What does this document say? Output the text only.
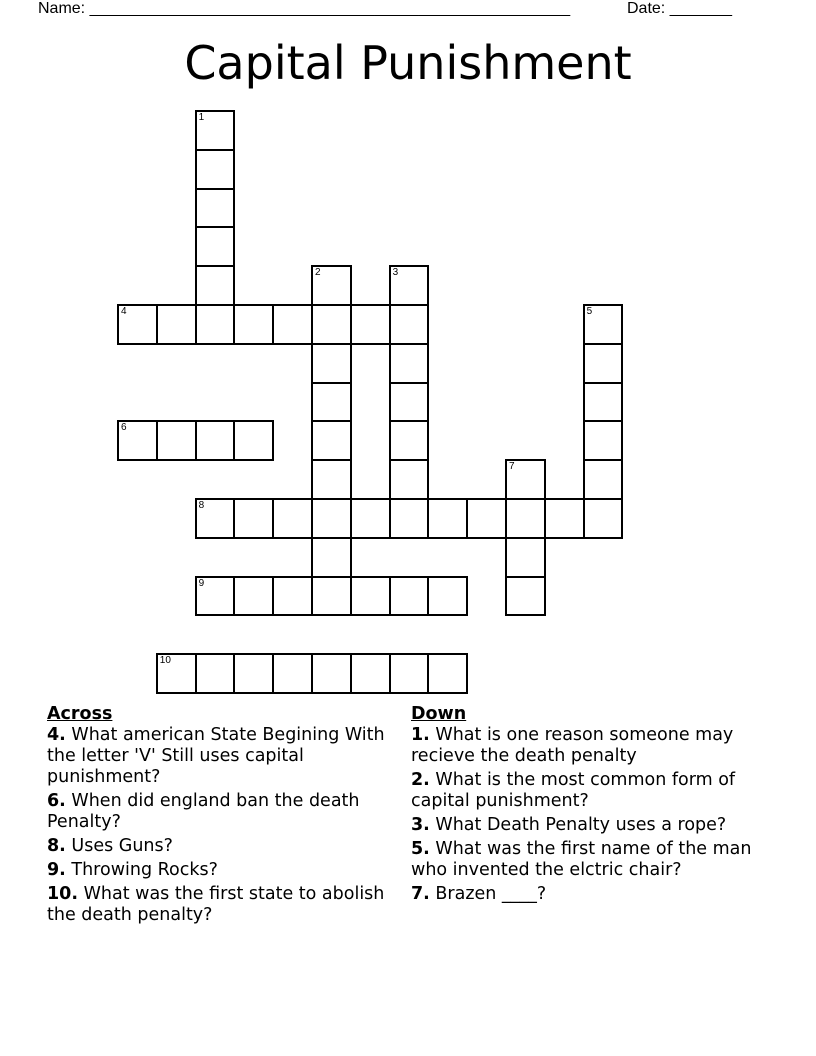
Name: ______________________________________________________	Date: _______
Capital Punishment
1
2	3
4	5
6
7
8
9
10
Across
4. What american State Begining With the letter 'V' Still uses capital punishment?
6. When did england ban the death Penalty?
8. Uses Guns?
9. Throwing Rocks?
10. What was the first state to abolish the death penalty?
Down
1. What is one reason someone may recieve the death penalty
2. What is the most common form of capital punishment?
3. What Death Penalty uses a rope?
5. What was the first name of the man who invented the elctric chair?
7. Brazen ____?
